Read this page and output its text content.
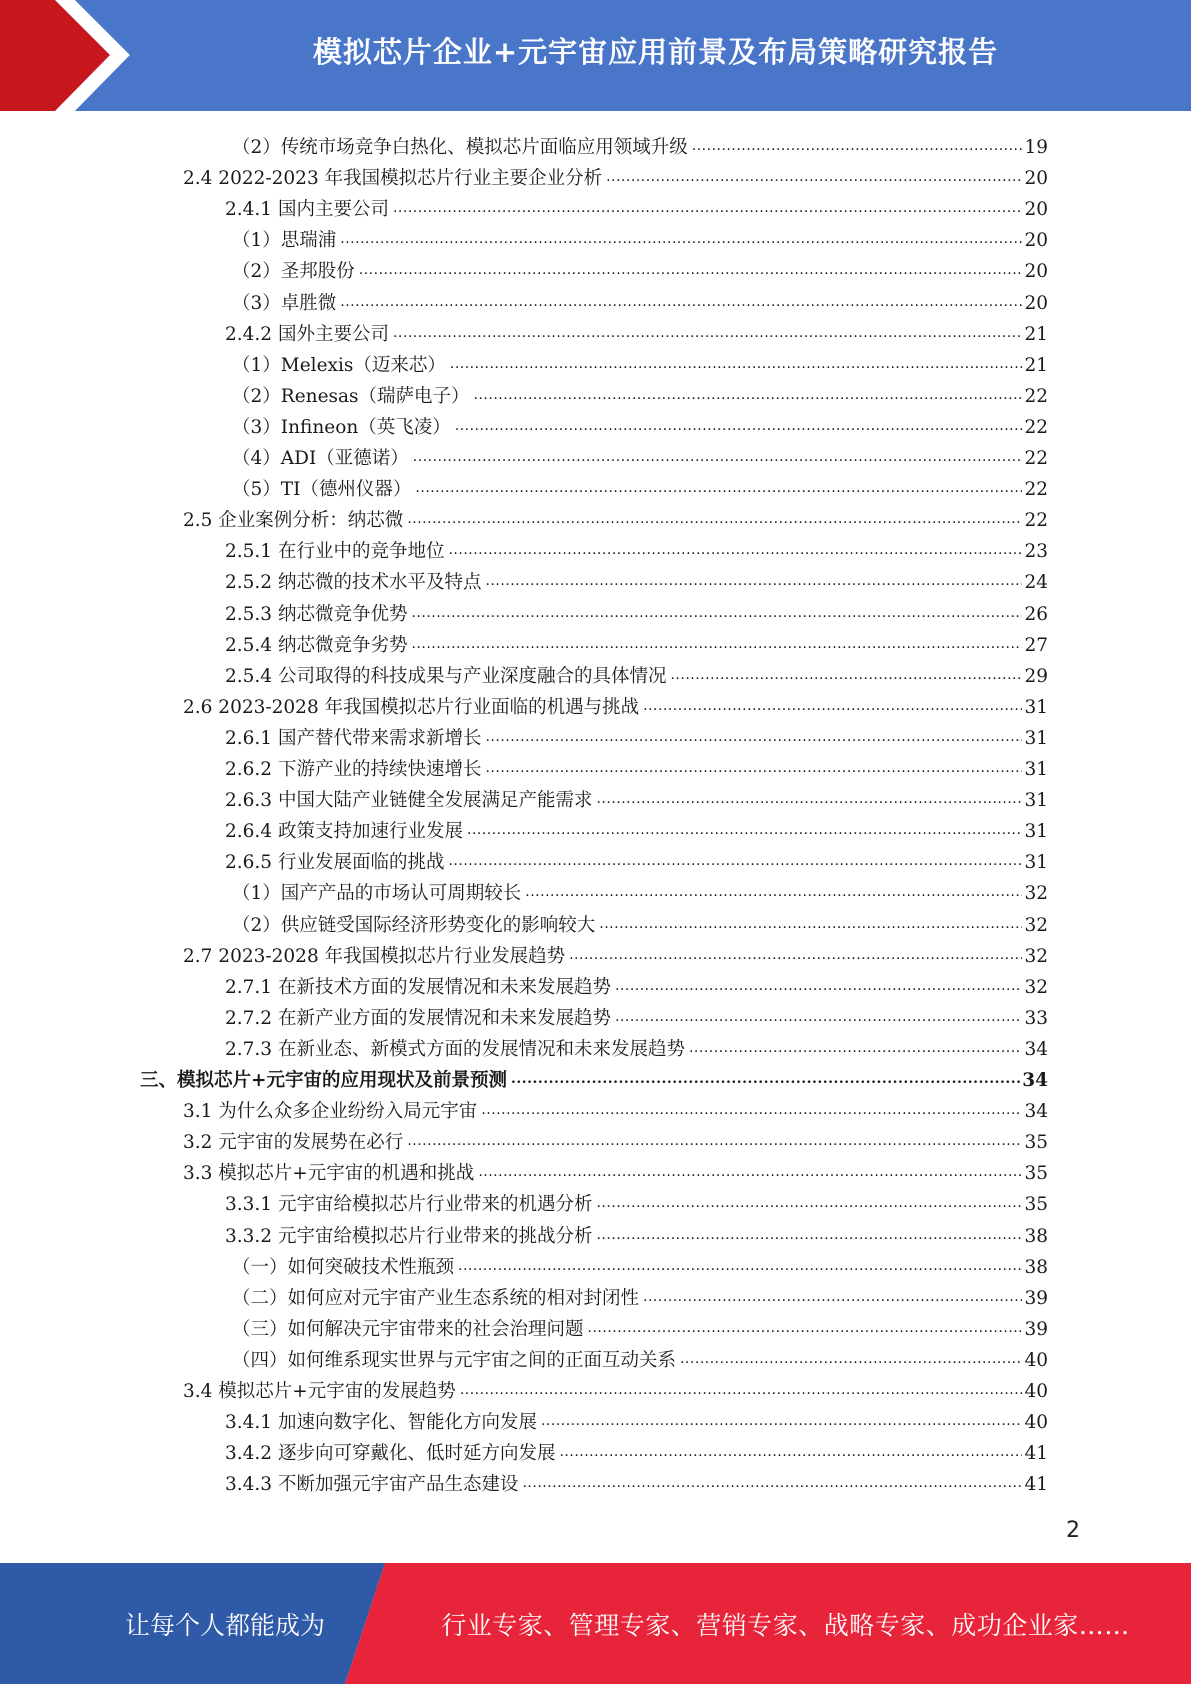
模拟芯片企业+元宇宙应用前景及布局策略研究报告
（2）传统市场竞争白热化、模拟芯片面临应用领域升级 .....	19
2.4 2022-2023 年我国模拟芯片行业主要企业分析 .....	20
2.4.1 国内主要公司 .....	20
（1）思瑞浦 .....	20
（2）圣邦股份 .....	20
（3）卓胜微 .....	20
2.4.2 国外主要公司 .....	21
（1）Melexis（迈来芯） .....	21
（2）Renesas（瑞萨电子） .....	22
（3）Infineon（英飞凌） .....	22
（4）ADI（亚德诺） .....	22
（5）TI（德州仪器） .....	22
2.5 企业案例分析：纳芯微 .....	22
2.5.1 在行业中的竞争地位 .....	23
2.5.2 纳芯微的技术水平及特点 .....	24
2.5.3 纳芯微竞争优势 .....	26
2.5.4 纳芯微竞争劣势 .....	27
2.5.4 公司取得的科技成果与产业深度融合的具体情况 .....	29
2.6 2023-2028 年我国模拟芯片行业面临的机遇与挑战 .....	31
2.6.1 国产替代带来需求新增长 .....	31
2.6.2 下游产业的持续快速增长 .....	31
2.6.3 中国大陆产业链健全发展满足产能需求 .....	31
2.6.4 政策支持加速行业发展 .....	31
2.6.5 行业发展面临的挑战 .....	31
（1）国产产品的市场认可周期较长 .....	32
（2）供应链受国际经济形势变化的影响较大 .....	32
2.7 2023-2028 年我国模拟芯片行业发展趋势 .....	32
2.7.1 在新技术方面的发展情况和未来发展趋势 .....	32
2.7.2 在新产业方面的发展情况和未来发展趋势 .....	33
2.7.3 在新业态、新模式方面的发展情况和未来发展趋势 .....	34
三、模拟芯片+元宇宙的应用现状及前景预测 .....	34
3.1 为什么众多企业纷纷入局元宇宙 .....	34
3.2 元宇宙的发展势在必行 .....	35
3.3 模拟芯片+元宇宙的机遇和挑战 .....	35
3.3.1 元宇宙给模拟芯片行业带来的机遇分析 .....	35
3.3.2 元宇宙给模拟芯片行业带来的挑战分析 .....	38
（一）如何突破技术性瓶颈 .....	38
（二）如何应对元宇宙产业生态系统的相对封闭性 .....	39
（三）如何解决元宇宙带来的社会治理问题 .....	39
（四）如何维系现实世界与元宇宙之间的正面互动关系 .....	40
3.4 模拟芯片+元宇宙的发展趋势 .....	40
3.4.1 加速向数字化、智能化方向发展 .....	40
3.4.2 逐步向可穿戴化、低时延方向发展 .....	41
3.4.3 不断加强元宇宙产品生态建设 .....	41
2
让每个人都能成为	行业专家、管理专家、营销专家、战略专家、成功企业家……
